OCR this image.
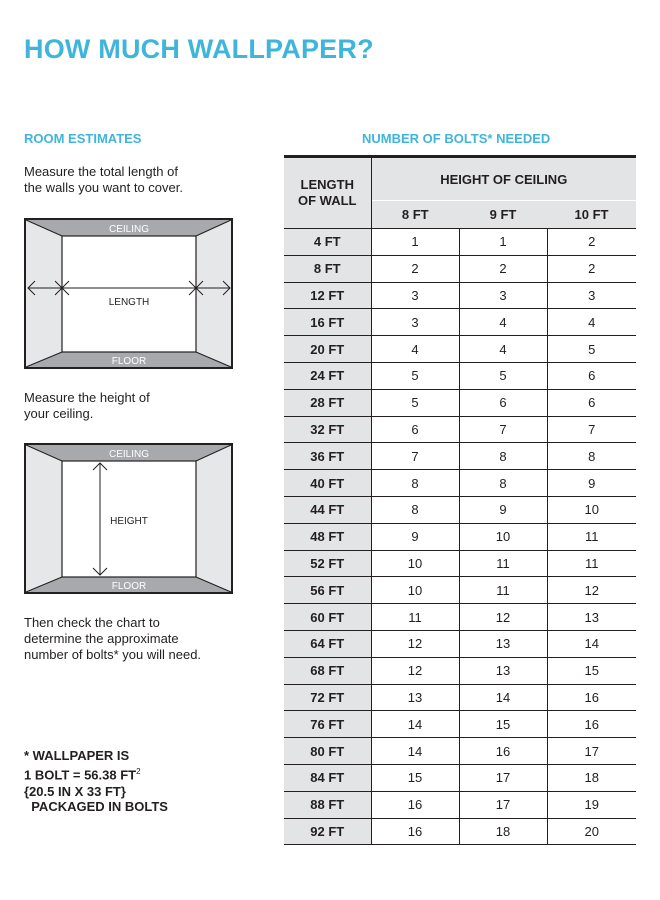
HOW MUCH WALLPAPER?
ROOM ESTIMATES
Measure the total length of
the walls you want to cover.
CEILING
LENGTH
FLOOR
Measure the height of
your ceiling.
CEILING
HEIGHT
FLOOR
Then check the chart to
determine the approximate
number of bolts* you will need.

* WALLPAPER IS

PACKAGED IN BOLTS

1 BOLT = 56.38 $FT^2$
{20.5 IN X 33 FT}
NUMBER OF BOLTS* NEEDED
LENGTH
OF WALL	HEIGHT OF CEILING		
	8 FT	9 FT	10 FT
4 FT	1	1	2
8 FT	2	2	2
12 FT	3	3	3
16 FT	3	4	4
20 FT	4	4	5
24 FT	5	5	6
28 FT	5	6	6
32 FT	6	7	7
36 FT	7	8	8
40 FT	8	8	9
44 FT	8	9	10
48 FT	9	10	11
52 FT	10	11	11
56 FT	10	11	12
60 FT	11	12	13
64 FT	12	13	14
68 FT	12	13	15
72 FT	13	14	16
76 FT	14	15	16
80 FT	14	16	17
84 FT	15	17	18
88 FT	16	17	19
92 FT	16	18	20
